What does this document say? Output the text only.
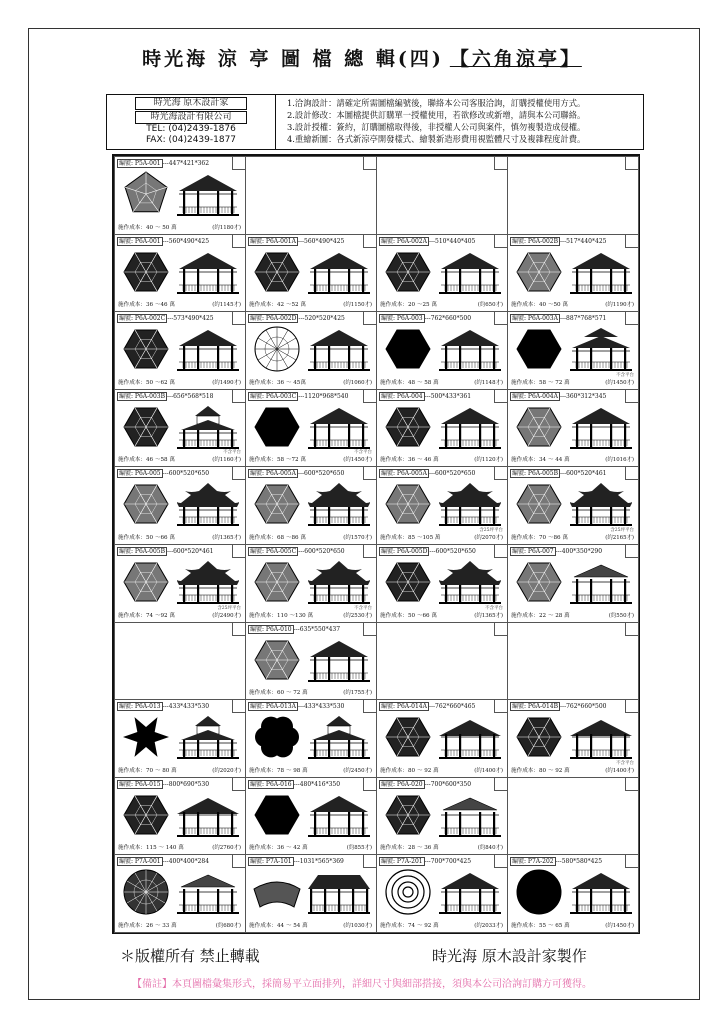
時光海 涼 亭 圖 檔 總 輯(四) 【六角涼亭】
時光海 原木設計家
時光海設計有限公司
TEL: (04)2439-1876
FAX: (04)2439-1877
1.洽詢設計：請確定所需圖檔編號後，聯絡本公司客服洽詢，訂購授權使用方式。
2.設計修改：本圖檔提供訂購單一授權使用，若欲修改或新增，請與本公司聯絡。
3.設計授權：簽約，訂購圖檔取得後，非授權人公司與案件，慎勿複製造成侵權。
4.重繪新圖：各式新涼亭開發樣式、繪製新造形費用視監體尺寸及複雜程度計費。
編號: P5A-001 ---447*421*362
施作成本：40 ～ 50 萬	(約1180才)
編號: P6A-001 ---560*490*425
施作成本：36 ～46 萬	(約1145才)
編號: P6A-001A ---560*490*425
施作成本：42 ～52 萬	(約1150才)
編號: P6A-002A ---510*440*405
施作成本：20 ～25 萬	(約650才)
編號: P6A-002B ---517*440*425
施作成本：40 ～50 萬	(約1190才)
編號: P6A-002C ---573*490*425
施作成本：50 ～62 萬	(約1490才)
編號: P6A-002D ---520*520*425
施作成本：36 ～ 45萬	(約1060才)
編號: P6A-003 ---762*660*500
施作成本：48 ～ 58 萬	(約1148才)
編號: P6A-003A ---887*768*571
施作成本：58 ～ 72 萬	(約1450才)
不含平台
編號: P6A-003B ---656*568*518
施作成本：46 ～58 萬	(約1160才)
不含平台
編號: P6A-003C ---1120*968*540
施作成本：58 ～72 萬	(約1450才)
不含平台
編號: P6A-004 ---500*433*361
施作成本：36 ～ 46 萬	(約1120才)
編號: P6A-004A ---360*312*345
施作成本：34 ～ 44 萬	(約1016才)
編號: P6A-005 ---600*520*650
施作成本：50 ～66 萬	(約1365才)
編號: P6A-005A ---600*520*650
施作成本：68 ～86 萬	(約1570才)
編號: P6A-005A ---600*520*650
施作成本：85 ～105 萬	(約2070才)
含25坪平台
編號: P6A-005B ---600*520*461
施作成本：70 ～86 萬	(約2165才)
含25坪平台
編號: P6A-005B ---600*520*461
施作成本：74 ～92 萬	(約2490才)
含25坪平台
編號: P6A-005C ---600*520*650
施作成本：110 ～130 萬	(約2530才)
不含平台
編號: P6A-005D ---600*520*650
施作成本：50 ～66 萬	(約1365才)
不含平台
編號: P6A-007 ---400*350*290
施作成本：22 ～ 28 萬	(約550才)
編號: P6A-010 ---635*550*437
施作成本：60 ～ 72 萬	(約1755才)
編號: P6A-013 ---433*433*530
施作成本：70 ～ 80 萬	(約2020才)
編號: P6A-013A ---433*433*530
施作成本：78 ～ 98 萬	(約2450才)
編號: P6A-014A ---762*660*465
施作成本：80 ～ 92 萬	(約1400才)
編號: P6A-014B ---762*660*500
施作成本：80 ～ 92 萬	(約1400才)
不含平台
編號: P6A-015 ---800*690*530
施作成本：115 ～ 140 萬	(約2760才)
編號: P6A-016 ---480*416*350
施作成本：36 ～ 42 萬	(約855才)
編號: P6A-020 ---700*600*350
施作成本：28 ～ 36 萬	(約840才)
編號: P7A-001 ---400*400*284
施作成本：26 ～ 33 萬	(約680才)
編號: P7A-101 ---1031*565*369
施作成本：44 ～ 54 萬	(約1030才)
編號: P7A-201 ---700*700*425
施作成本：74 ～ 92 萬	(約2033才)
編號: P7A-202 ---580*580*425
施作成本：55 ～ 65 萬	(約1450才)
＊版權所有 禁止轉載	時光海 原木設計家製作
【備註】本頁圖檔彙集形式，採簡易平立面排列，詳細尺寸與細部搭接，須與本公司洽詢訂購方可獲得。
